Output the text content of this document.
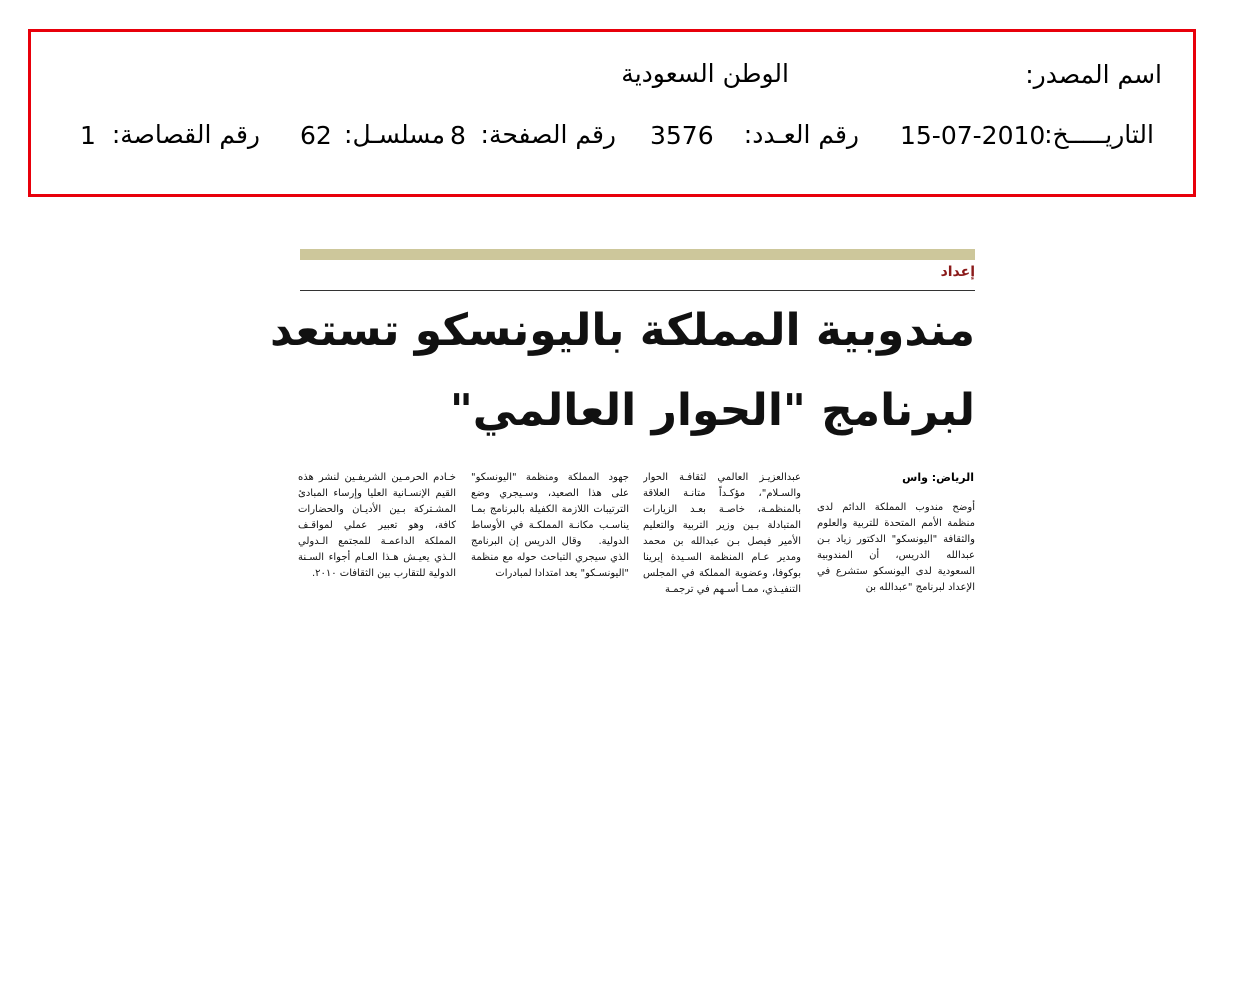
اسم المصدر:
الوطن السعودية
التاريـــــخ:
15-07-2010
رقم العـدد:
3576
رقم الصفحة:
8
مسلسـل:
62
رقم القصاصة:
1
إعداد
مندوبية المملكة باليونسكو تستعد
لبرنامج "الحوار العالمي"
الرياض: واس
أوضح مندوب المملكة الدائم لدى منظمة الأمم المتحدة للتربية والعلوم والثقافة "اليونسكو" الدكتور زياد بـن عبدالله الدريس، أن المندوبية السعودية لدى اليونسكو ستشرع في الإعداد لبرنامج "عبدالله بن
عبدالعزيـز العالمي لثقافـة الحوار والسـلام"، مؤكـداً متانـة العلاقة بالمنظمـة، خاصـة بعـد الزيارات المتبادلة بـين وزير التربية والتعليم الأمير فيصل بـن عبدالله بن محمد ومدير عـام المنظمة السـيدة إيرينا بوكوفا، وعضوية المملكة في المجلس التنفيـذي، ممـا أسـهم في ترجمـة
جهود المملكة ومنظمة "اليونسكو" على هذا الصعيد، وسـيجري وضع الترتيبات اللازمة الكفيلة بالبرنامج بمـا يناسـب مكانـة المملكـة في الأوساط الدولية.   وقال الدريس إن البرنامج الذي سيجري التباحث حوله مع منظمة "اليونسـكو" يعد امتدادا لمبادرات
خـادم الحرمـين الشريفـين لنشر هذه القيم الإنسـانية العليا وإرساء المبادئ المشـتركة بـين الأديـان والحضارات كافة، وهو تعبير عملي لمواقـف المملكة الداعمـة للمجتمع الـدولي الـذي يعيـش هـذا العـام أجواء السـنة الدولية للتقارب بين الثقافات ٢٠١٠.
